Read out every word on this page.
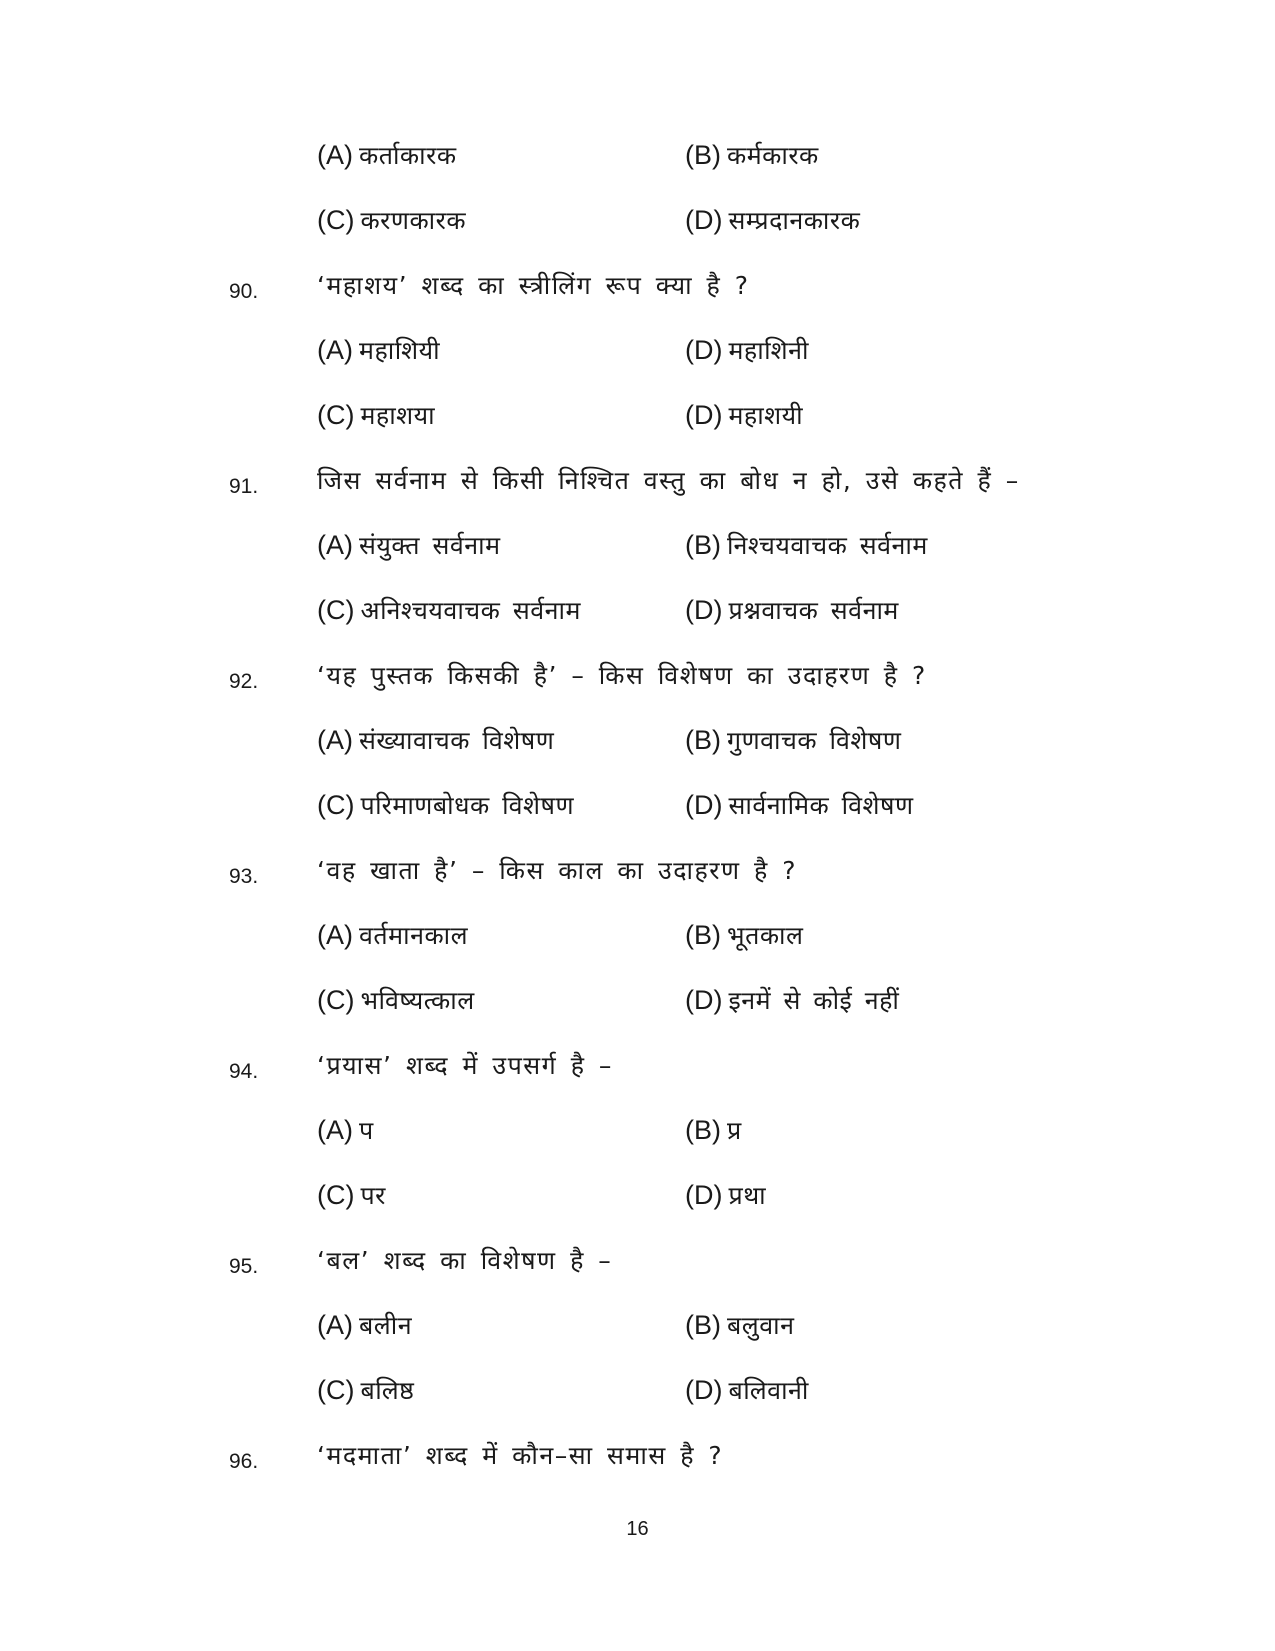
(A) कर्ताकारक	(B) कर्मकारक
(C) करणकारक	(D) सम्प्रदानकारक
90. ‘महाशय’ शब्द का स्त्रीलिंग रूप क्या है ?
(A) महाशियी	(D) महाशिनी
(C) महाशया	(D) महाशयी
91. जिस सर्वनाम से किसी निश्चित वस्तु का बोध न हो, उसे कहते हैं –
(A) संयुक्त सर्वनाम	(B) निश्चयवाचक सर्वनाम
(C) अनिश्चयवाचक सर्वनाम	(D) प्रश्नवाचक सर्वनाम
92. ‘यह पुस्तक किसकी है’ – किस विशेषण का उदाहरण है ?
(A) संख्यावाचक विशेषण	(B) गुणवाचक विशेषण
(C) परिमाणबोधक विशेषण	(D) सार्वनामिक विशेषण
93. ‘वह खाता है’ – किस काल का उदाहरण है ?
(A) वर्तमानकाल	(B) भूतकाल
(C) भविष्यत्काल	(D) इनमें से कोई नहीं
94. ‘प्रयास’ शब्द में उपसर्ग है –
(A) प	(B) प्र
(C) पर	(D) प्रथा
95. ‘बल’ शब्द का विशेषण है –
(A) बलीन	(B) बलुवान
(C) बलिष्ठ	(D) बलिवानी
96. ‘मदमाता’ शब्द में कौन–सा समास है ?
16
